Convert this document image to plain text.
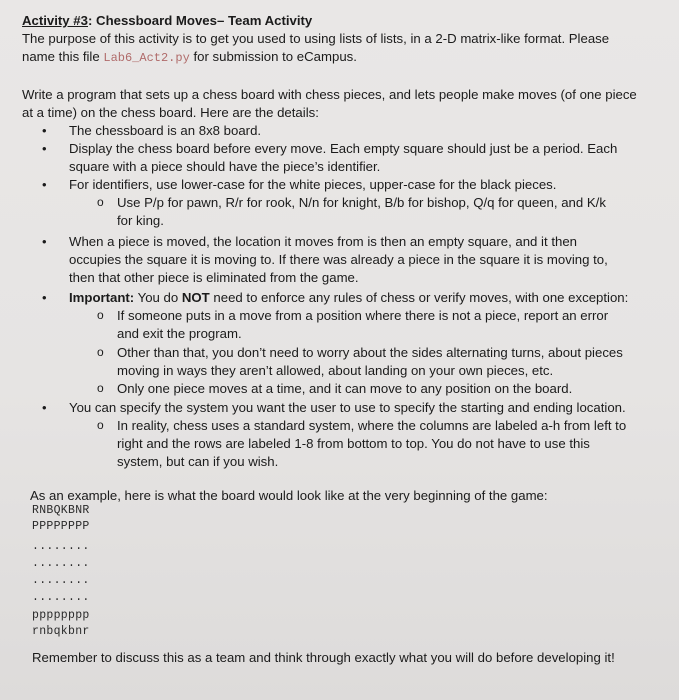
Activity #3: Chessboard Moves– Team Activity
The purpose of this activity is to get you used to using lists of lists, in a 2-D matrix-like format. Please
name this file Lab6_Act2.py for submission to eCampus.
Write a program that sets up a chess board with chess pieces, and lets people make moves (of one piece
at a time) on the chess board. Here are the details:
• The chessboard is an 8x8 board.
• Display the chess board before every move. Each empty square should just be a period. Each
square with a piece should have the piece’s identifier.
• For identifiers, use lower-case for the white pieces, upper-case for the black pieces.
o Use P/p for pawn, R/r for rook, N/n for knight, B/b for bishop, Q/q for queen, and K/k
for king.
• When a piece is moved, the location it moves from is then an empty square, and it then
occupies the square it is moving to. If there was already a piece in the square it is moving to,
then that other piece is eliminated from the game.
• Important: You do NOT need to enforce any rules of chess or verify moves, with one exception:
o If someone puts in a move from a position where there is not a piece, report an error
and exit the program.
o Other than that, you don’t need to worry about the sides alternating turns, about pieces
moving in ways they aren’t allowed, about landing on your own pieces, etc.
o Only one piece moves at a time, and it can move to any position on the board.
• You can specify the system you want the user to use to specify the starting and ending location.
o In reality, chess uses a standard system, where the columns are labeled a-h from left to
right and the rows are labeled 1-8 from bottom to top. You do not have to use this
system, but can if you wish.
As an example, here is what the board would look like at the very beginning of the game:
RNBQKBNR
PPPPPPPP
........
........
........
........
pppppppp
rnbqkbnr
Remember to discuss this as a team and think through exactly what you will do before developing it!
